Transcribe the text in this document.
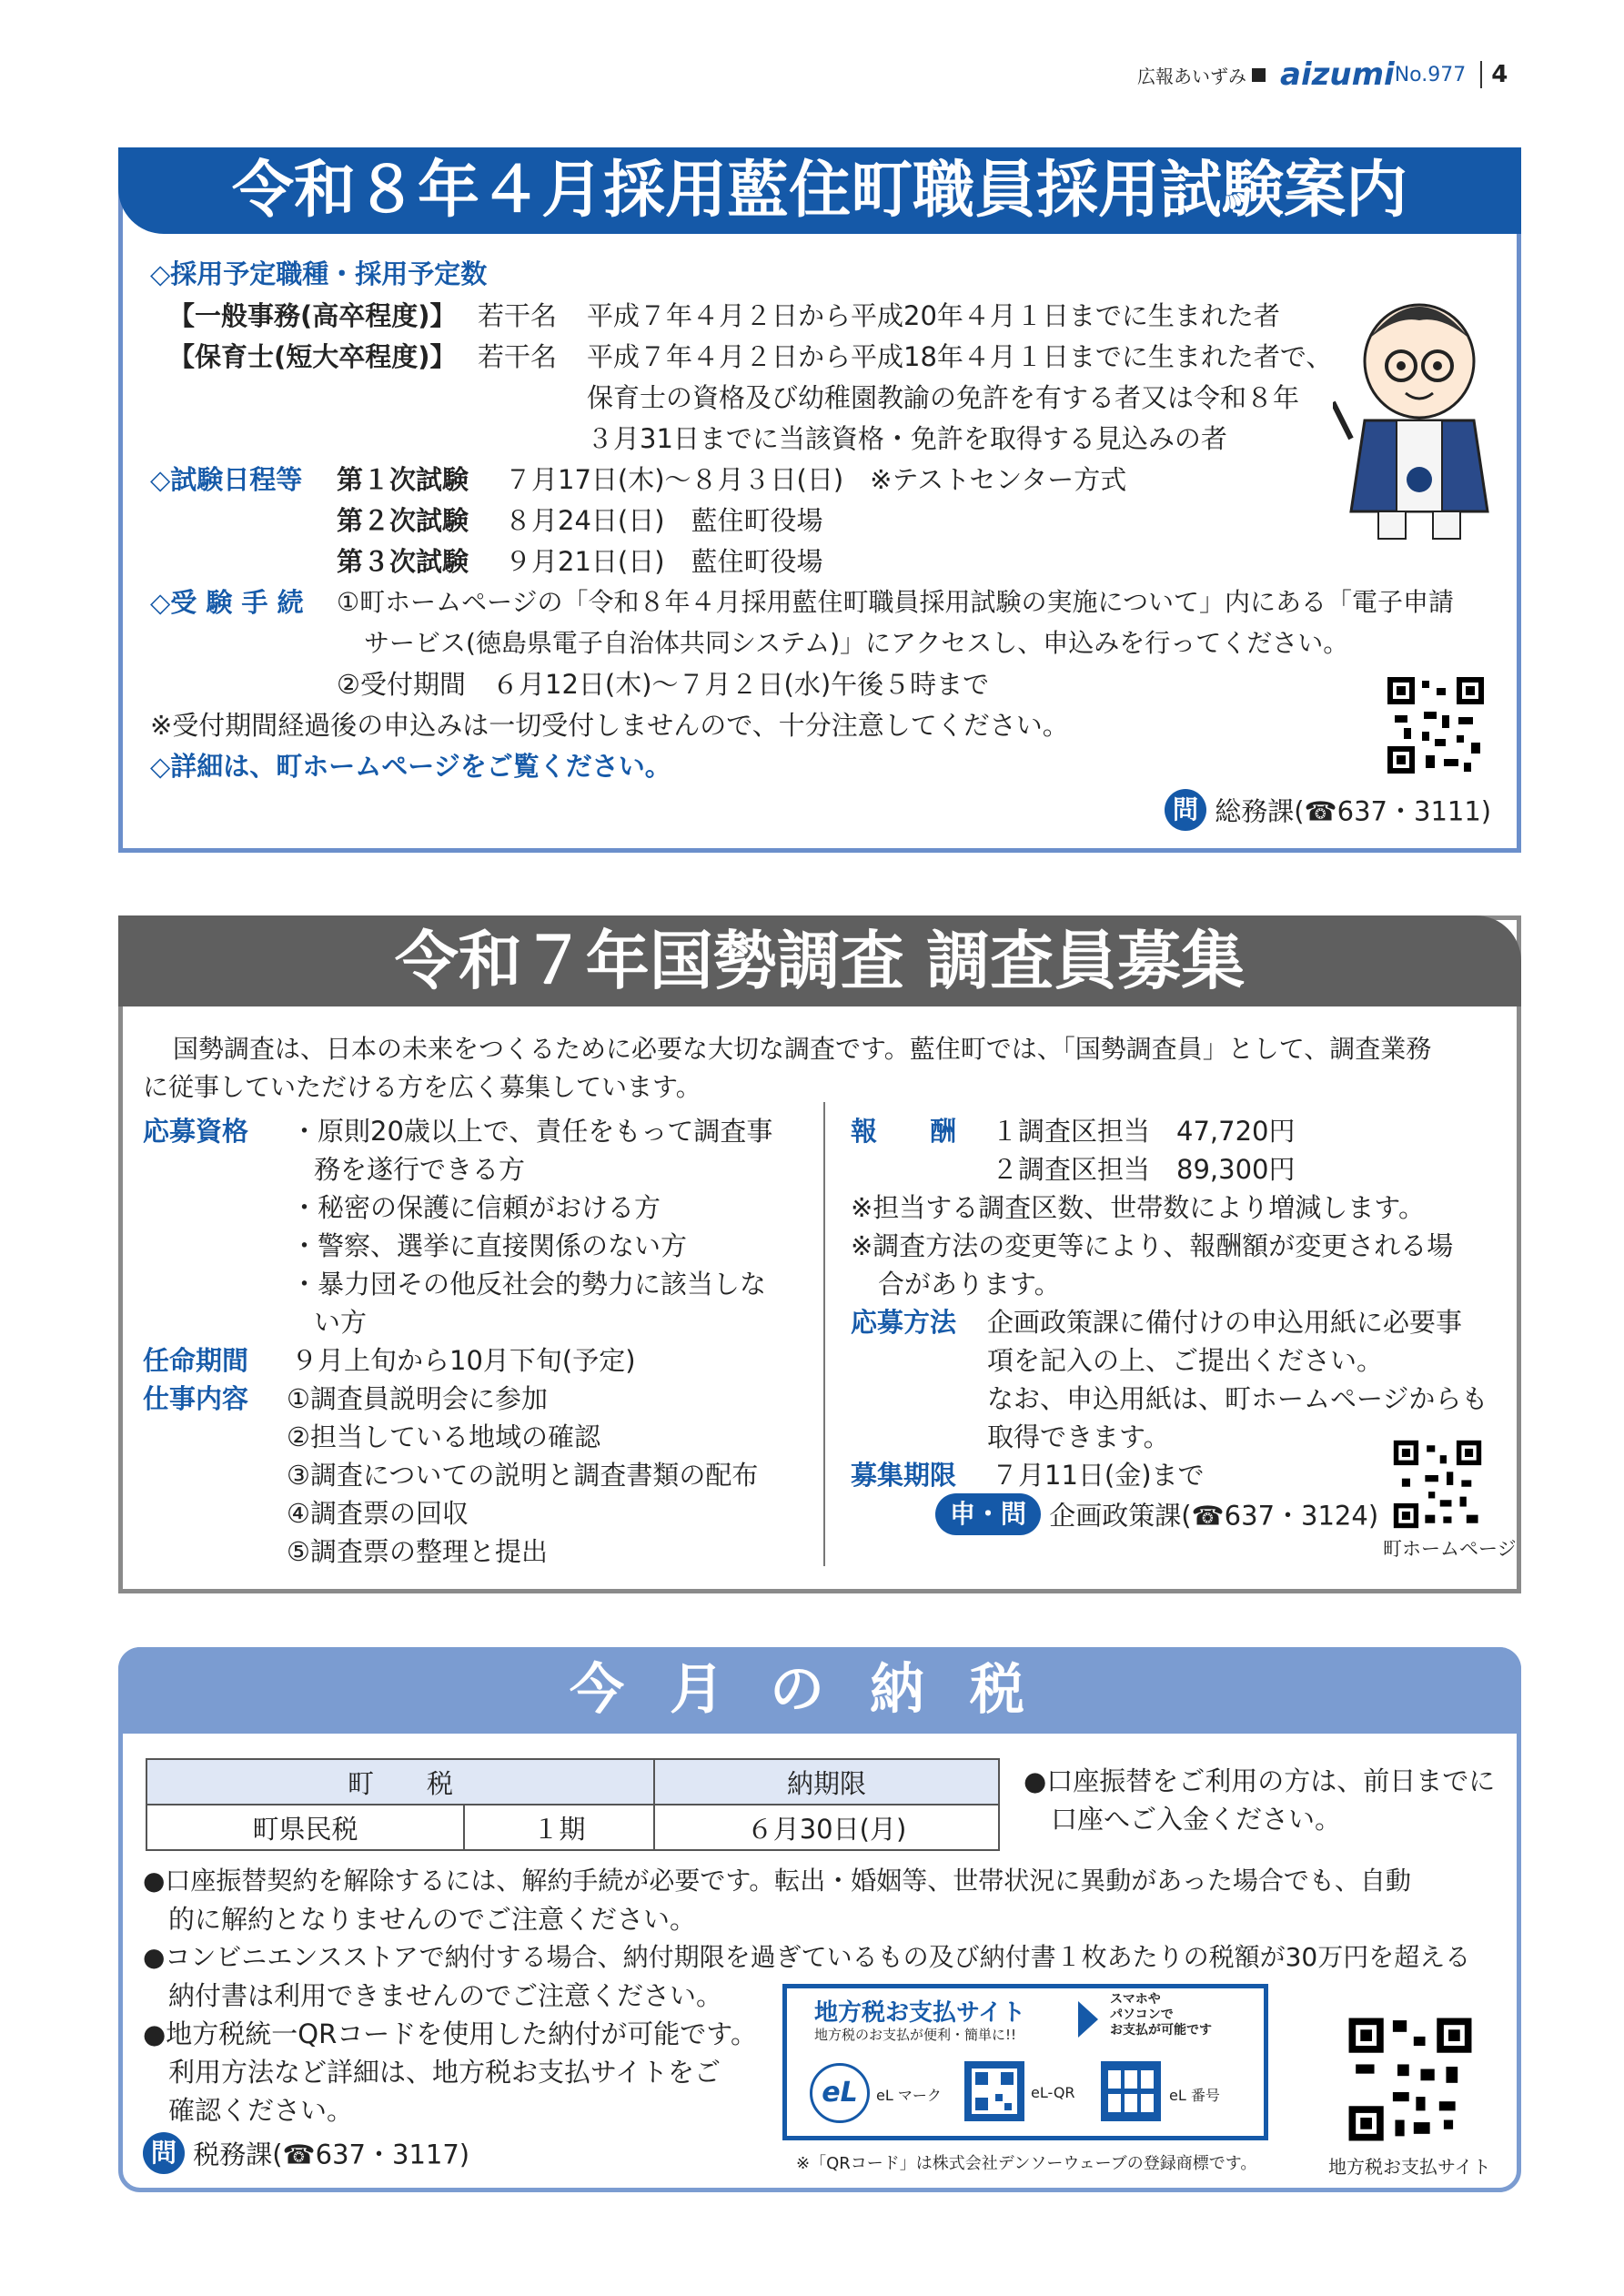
広報あいずみ aizumi No.977 4
令和８年４月採用藍住町職員採用試験案内
◇採用予定職種・採用予定数
【一般事務(高卒程度)】 若干名 平成７年４月２日から平成20年４月１日までに生まれた者
【保育士(短大卒程度)】 若干名 平成７年４月２日から平成18年４月１日までに生まれた者で、
保育士の資格及び幼稚園教諭の免許を有する者又は令和８年
３月31日までに当該資格・免許を取得する見込みの者
◇試験日程等 第１次試験 ７月17日(木)～８月３日(日)　※テストセンター方式
第２次試験 ８月24日(日)　藍住町役場
第３次試験 ９月21日(日)　藍住町役場
◇受 験 手 続 ①町ホームページの「令和８年４月採用藍住町職員採用試験の実施について」内にある「電子申請
サービス(徳島県電子自治体共同システム)」にアクセスし、申込みを行ってください。
②受付期間　６月12日(木)～７月２日(水)午後５時まで
※受付期間経過後の申込みは一切受付しませんので、十分注意してください。
◇詳細は、町ホームページをご覧ください。
問 総務課(☎637・3111)
令和７年国勢調査 調査員募集
国勢調査は、日本の未来をつくるために必要な大切な調査です。藍住町では、「国勢調査員」として、調査業務
に従事していただける方を広く募集しています。
応募資格 ・原則20歳以上で、責任をもって調査事
務を遂行できる方
・秘密の保護に信頼がおける方
・警察、選挙に直接関係のない方
・暴力団その他反社会的勢力に該当しな
い方
任命期間 ９月上旬から10月下旬(予定)
仕事内容 ①調査員説明会に参加
②担当している地域の確認
③調査についての説明と調査書類の配布
④調査票の回収
⑤調査票の整理と提出
報　　酬 １調査区担当　47,720円
２調査区担当　89,300円
※担当する調査区数、世帯数により増減します。
※調査方法の変更等により、報酬額が変更される場
合があります。
応募方法 企画政策課に備付けの申込用紙に必要事
項を記入の上、ご提出ください。
なお、申込用紙は、町ホームページからも
取得できます。
募集期限 ７月11日(金)まで
申・問 企画政策課(☎637・3124)
町ホームページ
今月の納税
町　　税		納期限
町県民税	１期	６月30日(月)
●口座振替をご利用の方は、前日までに
口座へご入金ください。
●口座振替契約を解除するには、解約手続が必要です。転出・婚姻等、世帯状況に異動があった場合でも、自動
的に解約となりませんのでご注意ください。
●コンビニエンスストアで納付する場合、納付期限を過ぎているもの及び納付書１枚あたりの税額が30万円を超える
納付書は利用できませんのでご注意ください。
●地方税統一QRコードを使用した納付が可能です。
利用方法など詳細は、地方税お支払サイトをご
確認ください。
問 税務課(☎637・3117)	※「QRコード」は株式会社デンソーウェーブの登録商標です。	地方税お支払サイト
地方税お支払サイト
地方税のお支払が便利・簡単に!!
スマホや
パソコンで
お支払が可能です
eL	eL マーク	eL-QR	eL 番号
